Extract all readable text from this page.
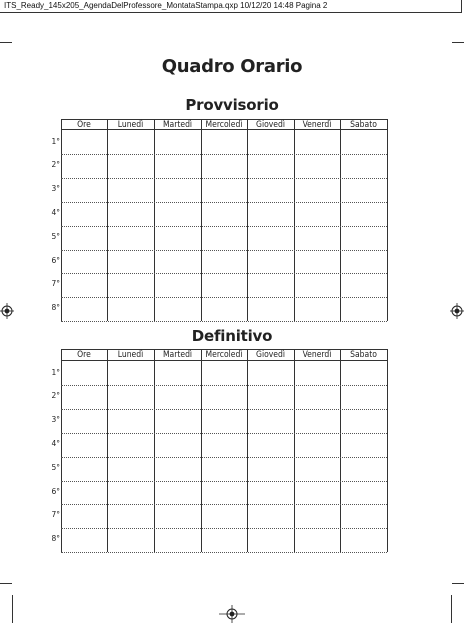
ITS_Ready_145x205_AgendaDelProfessore_MontataStampa.qxp 10/12/20 14:48 Pagina 2
Quadro Orario
Provvisorio
Definitivo
Ore	Lunedì	Martedì	Mercoledì	Giovedì	Venerdì	Sabato
1°
2°
3°
4°
5°
6°
7°
8°
Ore	Lunedì	Martedì	Mercoledì	Giovedì	Venerdì	Sabato
1°
2°
3°
4°
5°
6°
7°
8°
